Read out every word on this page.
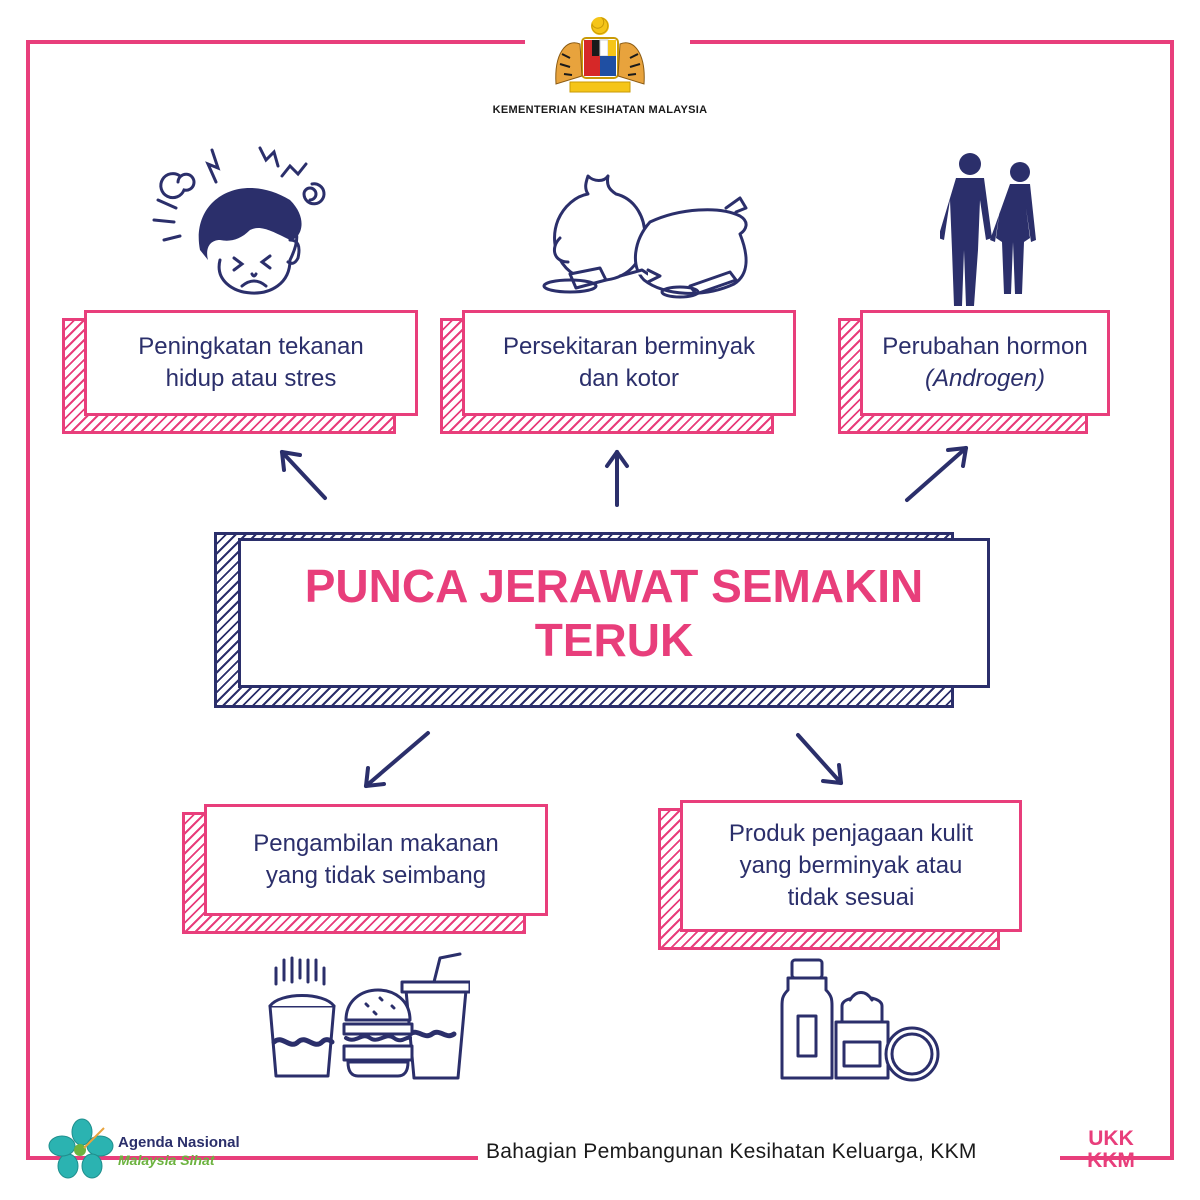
KEMENTERIAN KESIHATAN MALAYSIA
Peningkatan tekanan
hidup atau stres
Persekitaran berminyak
dan kotor
Perubahan hormon
(Androgen)
PUNCA JERAWAT SEMAKIN
TERUK
Pengambilan makanan
yang tidak seimbang
Produk penjagaan kulit
yang berminyak atau
tidak sesuai
Agenda Nasional
Malaysia Sihat	Bahagian Pembangunan Kesihatan Keluarga, KKM
UKK
KKM
